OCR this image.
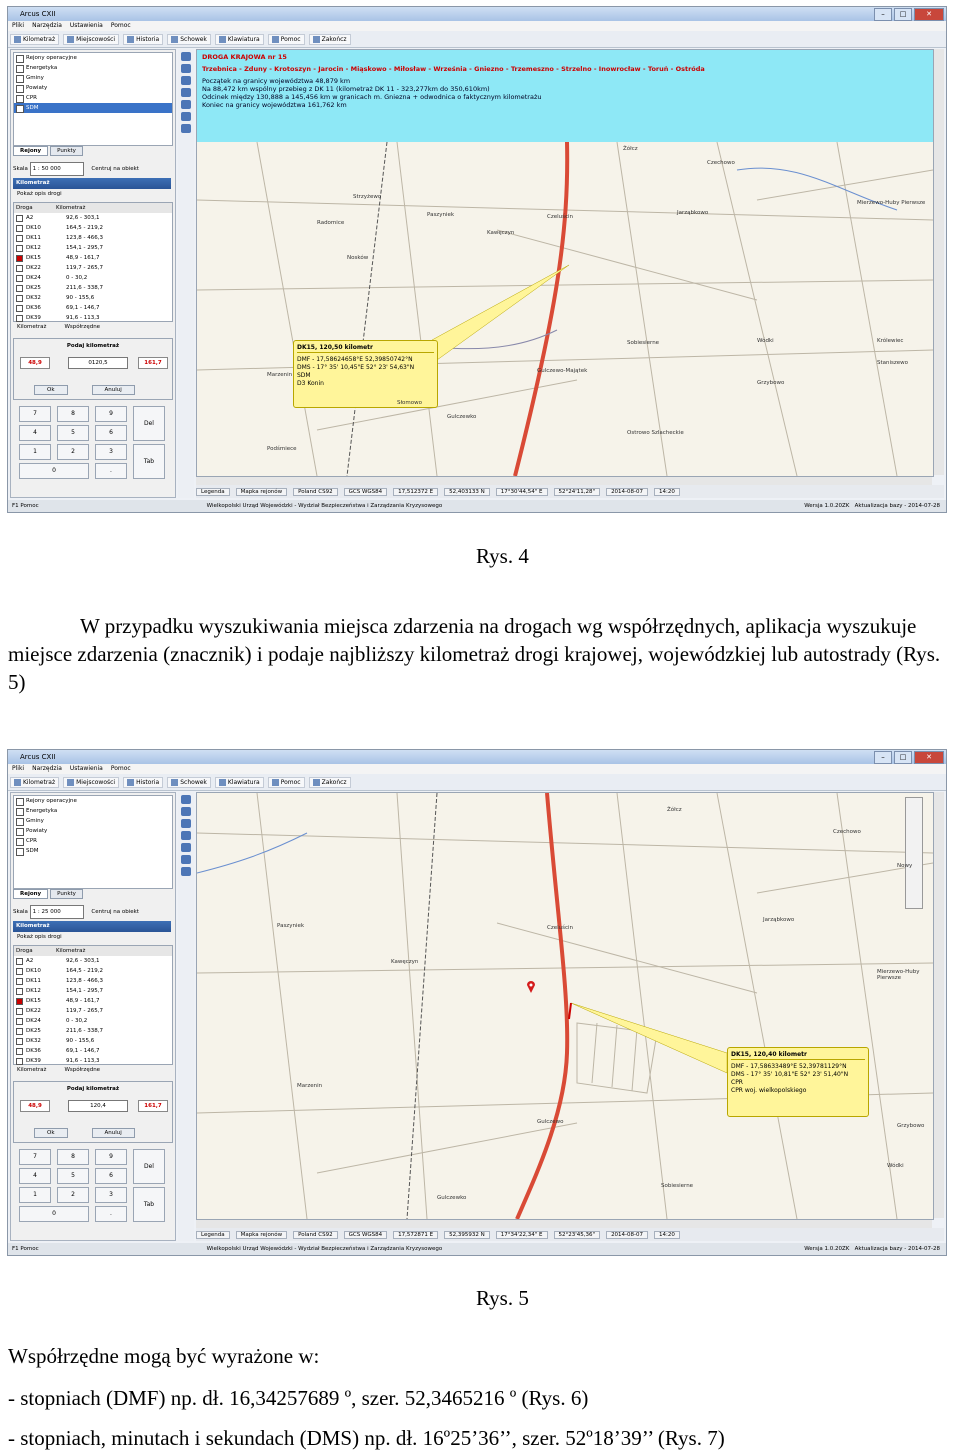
Arcus CXII	–	□	✕
Pliki Narzędzia Ustawienia Pomoc
Kilometraż	Miejscowości	Historia	Schowek	Klawiatura	Pomoc	Zakończ
Rejony operacyjne
Energetyka
Gminy
Powiaty
CPR
SDM
Rejony	Punkty
Skala 1 : 50 000	Centruj na obiekt
Kilometraż
Pokaż opis drogi
Droga	Kilometraż
A2	92,6 - 303,1
DK10	164,5 - 219,2
DK11	123,8 - 466,3
DK12	154,1 - 295,7
DK15	48,9 - 161,7
DK22	119,7 - 265,7
DK24	0 - 30,2
DK25	211,6 - 338,7
DK32	90 - 155,6
DK36	69,1 - 146,7
DK39	91,6 - 113,3
Kilometraż	Współrzędne
Podaj kilometraż
48,9	0120,5	161,7
Ok	Anuluj
7	8	9
4	5	6
1	2	3
0	.
Del
Tab
DROGA KRAJOWA nr 15
Trzebnica - Zduny - Krotoszyn - Jarocin - Miąskowo - Miłosław - Września - Gniezno - Trzemeszno - Strzelno - Inowrocław - Toruń - Ostróda
Początek na granicy województwa 48,879 km
Na 88,472 km wspólny przebieg z DK 11 (kilometraż DK 11 - 323,277km do 350,610km)
Odcinek między 130,888 a 145,456 km w granicach m. Gniezna + odwodnica o faktycznym kilometrażu
Koniec na granicy województwa 161,762 km
DK15, 120,50 kilometr
DMF - 17,58624658°E 52,39850742°N
DMS - 17° 35' 10,45"E 52° 23' 54,63"N
SDM
D3 Konin
Żółcz
Czechowo
Strzyżewo
Radomice
Paszyniek
Kawęczyn
Czeluścin
Jarząbkowo
Mierzewo-Huby Pierwsze
Nosków
Wódki	Królewiec
Sobiesierne
Gulczewo-Majątek
Marzenin
Słomowo
Gulczewko
Ostrowo Szlacheckie
Grzybowo
Staniszewo
Podśmiece
Legenda	Mapka rejonów	Poland CS92	GCS WGS84	17,512372 E	52,403133 N	17°30'44,54" E	52°24'11,28"	2014-08-07	14:20
F1 Pomoc	Wielkopolski Urząd Wojewódzki - Wydział Bezpieczeństwa i Zarządzania Kryzysowego	Wersja 1.0.20ZK Aktualizacja bazy - 2014-07-28
Rys. 4
W przypadku wyszukiwania miejsca zdarzenia na drogach wg współrzędnych, aplikacja wyszukuje miejsce zdarzenia (znacznik) i podaje najbliższy kilometraż drogi krajowej, wojewódzkiej lub autostrady (Rys. 5)
Arcus CXII	–	□	✕
Pliki Narzędzia Ustawienia Pomoc
Kilometraż	Miejscowości	Historia	Schowek	Klawiatura	Pomoc	Zakończ
Rejony operacyjne
Energetyka
Gminy
Powiaty
CPR
SDM
Rejony	Punkty
Skala 1 : 25 000	Centruj na obiekt
Kilometraż
Pokaż opis drogi
Droga	Kilometraż
A2	92,6 - 303,1
DK10	164,5 - 219,2
DK11	123,8 - 466,3
DK12	154,1 - 295,7
DK15	48,9 - 161,7
DK22	119,7 - 265,7
DK24	0 - 30,2
DK25	211,6 - 338,7
DK32	90 - 155,6
DK36	69,1 - 146,7
DK39	91,6 - 113,3
Kilometraż	Współrzędne
Podaj kilometraż
48,9	120,4	161,7
Ok	Anuluj
7	8	9
4	5	6
1	2	3
0	.
Del
Tab
DK15, 120,40 kilometr
DMF - 17,58633489°E 52,39781129°N
DMS - 17° 35' 10,81"E 52° 23' 51,40"N
CPR
CPR woj. wielkopolskiego
Żółcz
Czechowo
Paszyniek
Kawęczyn
Czeluścin
Jarząbkowo
Mierzewo-Huby Pierwsze
Marzenin
Gulczewo
Sobiesierne
Gulczewko
Wódki
Grzybowo
Nowy
Legenda	Mapka rejonów	Poland CS92	GCS WGS84	17,572871 E	52,395932 N	17°34'22,34" E	52°23'45,36"	2014-08-07	14:20
F1 Pomoc	Wielkopolski Urząd Wojewódzki - Wydział Bezpieczeństwa i Zarządzania Kryzysowego	Wersja 1.0.20ZK Aktualizacja bazy - 2014-07-28
Rys. 5
Współrzędne mogą być wyrażone w:
- stopniach (DMF) np. dł. 16,34257689 º, szer. 52,3465216 º (Rys. 6)
- stopniach, minutach i sekundach (DMS) np. dł. 16º25’36’’, szer. 52º18’39’’ (Rys. 7)
